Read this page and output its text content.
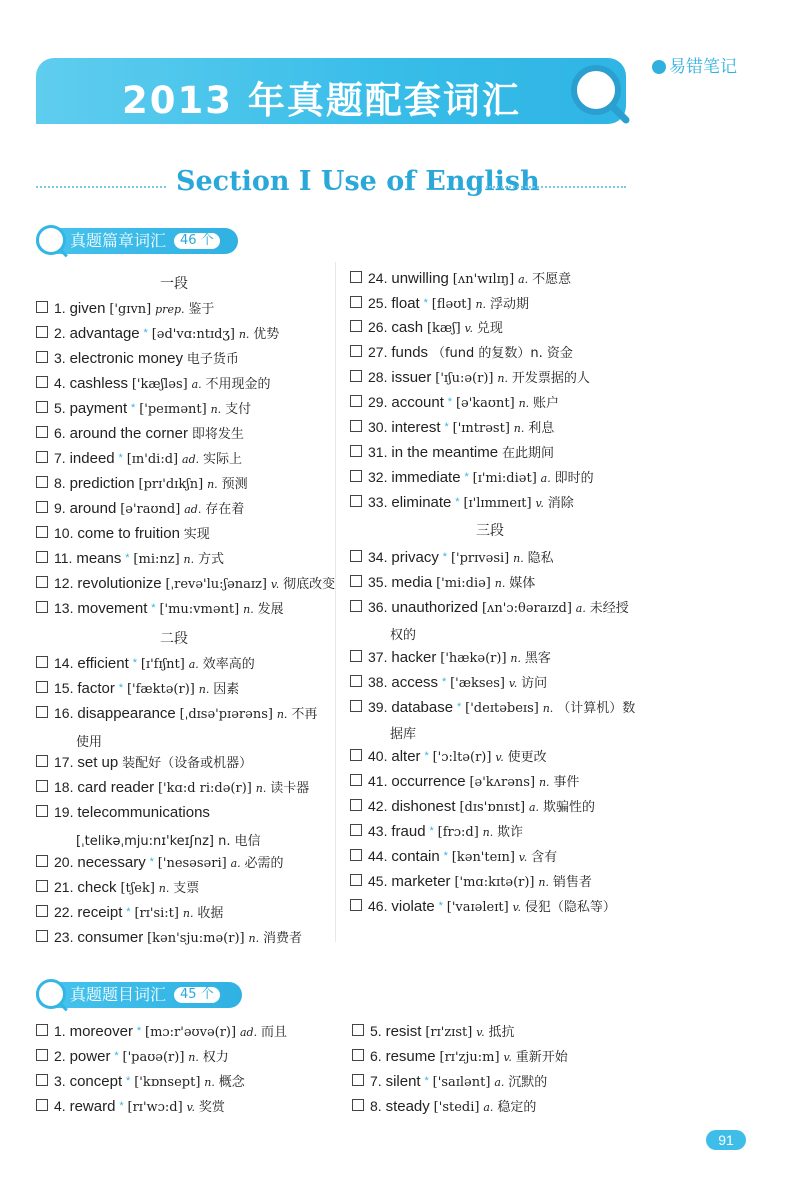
2013 年真题配套词汇
易错笔记
Section Ⅰ Use of English
真题篇章词汇 46 个
一段
二段
三段
1. given ['gɪvn] prep. 鉴于
2. advantage * [əd'vɑ:ntɪdʒ] n. 优势
3. electronic money 电子货币
4. cashless ['kæʃləs] a. 不用现金的
5. payment * ['peɪmənt] n. 支付
6. around the corner 即将发生
7. indeed * [ɪn'di:d] ad. 实际上
8. prediction [prɪ'dɪkʃn] n. 预测
9. around [ə'raʊnd] ad. 存在着
10. come to fruition 实现
11. means * [mi:nz] n. 方式
12. revolutionize [ˌrevə'lu:ʃənaɪz] v. 彻底改变
13. movement * ['mu:vmənt] n. 发展
14. efficient * [ɪ'fɪʃnt] a. 效率高的
15. factor * ['fæktə(r)] n. 因素
16. disappearance [ˌdɪsə'pɪərəns] n. 不再
17. set up 装配好（设备或机器）
18. card reader ['kɑ:d ri:də(r)] n. 读卡器
19. telecommunications
20. necessary * ['nesəsəri] a. 必需的
21. check [tʃek] n. 支票
22. receipt * [rɪ'si:t] n. 收据
23. consumer [kən'sju:mə(r)] n. 消费者
24. unwilling [ʌn'wɪlɪŋ] a. 不愿意
25. float * [fləʊt] n. 浮动期
26. cash [kæʃ] v. 兑现
27. funds （fund 的复数）n. 资金
28. issuer ['ɪʃu:ə(r)] n. 开发票据的人
29. account * [ə'kaʊnt] n. 账户
30. interest * ['ɪntrəst] n. 利息
31. in the meantime 在此期间
32. immediate * [ɪ'mi:diət] a. 即时的
33. eliminate * [ɪ'lɪmɪneɪt] v. 消除
34. privacy * ['prɪvəsi] n. 隐私
35. media ['mi:diə] n. 媒体
36. unauthorized [ʌn'ɔ:θəraɪzd] a. 未经授
37. hacker ['hækə(r)] n. 黑客
38. access * ['ækses] v. 访问
39. database * ['deɪtəbeɪs] n. （计算机）数
40. alter * ['ɔ:ltə(r)] v. 使更改
41. occurrence [ə'kʌrəns] n. 事件
42. dishonest [dɪs'ɒnɪst] a. 欺骗性的
43. fraud * [frɔ:d] n. 欺诈
44. contain * [kən'teɪn] v. 含有
45. marketer ['mɑ:kɪtə(r)] n. 销售者
46. violate * ['vaɪəleɪt] v. 侵犯（隐私等）
使用
[ˌtelikəˌmju:nɪ'keɪʃnz] n. 电信
权的
据库
真题题目词汇 45 个
1. moreover * [mɔ:r'əʊvə(r)] ad. 而且
2. power * ['paʊə(r)] n. 权力
3. concept * ['kɒnsept] n. 概念
4. reward * [rɪ'wɔ:d] v. 奖赏
5. resist [rɪ'zɪst] v. 抵抗
6. resume [rɪ'zju:m] v. 重新开始
7. silent * ['saɪlənt] a. 沉默的
8. steady ['stedi] a. 稳定的
91
